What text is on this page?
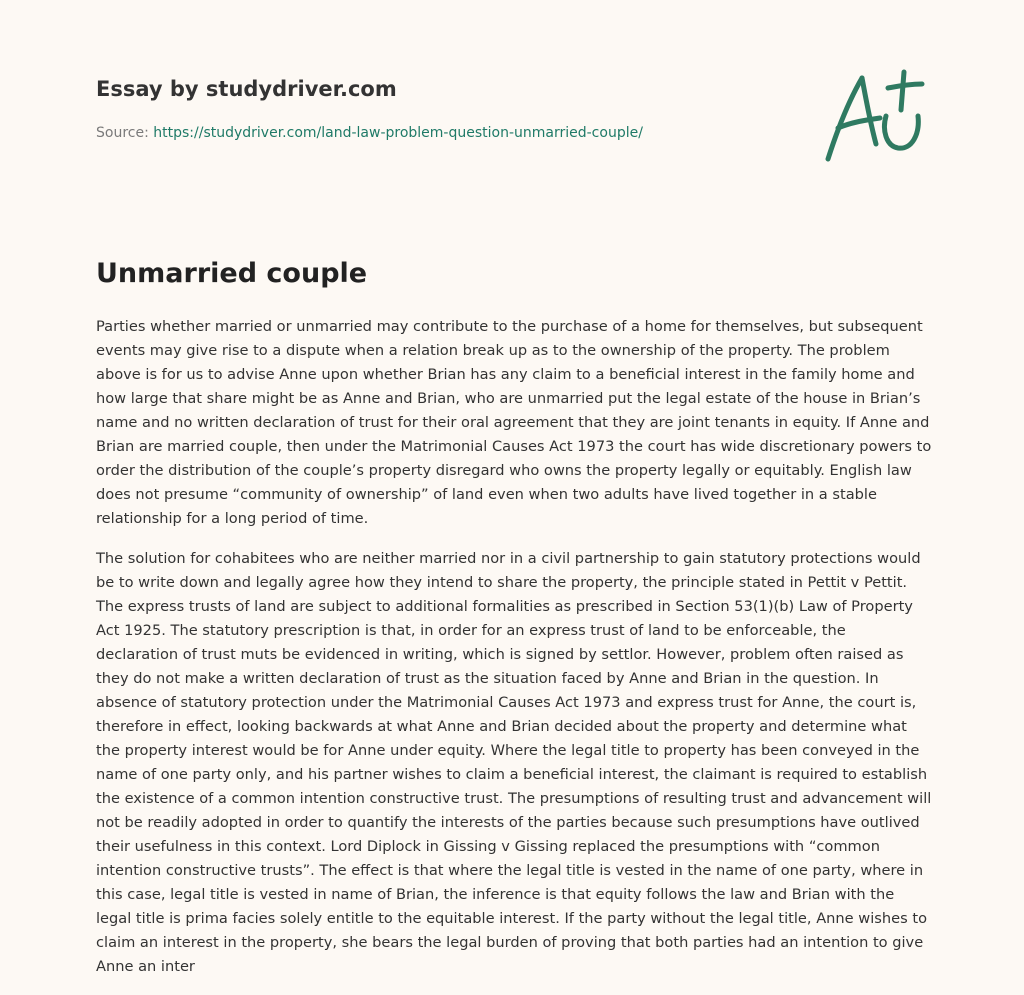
Essay by studydriver.com
Source: https://studydriver.com/land-law-problem-question-unmarried-couple/
Unmarried couple

Parties whether married or unmarried may contribute to the purchase of a home for themselves, but subsequent events may give rise to a dispute when a relation break up as to the ownership of the property. The problem above is for us to advise Anne upon whether Brian has any claim to a beneficial interest in the family home and how large that share might be as Anne and Brian, who are unmarried put the legal estate of the house in Brian’s name and no written declaration of trust for their oral agreement that they are joint tenants in equity. If Anne and Brian are married couple, then under the Matrimonial Causes Act 1973 the court has wide discretionary powers to order the distribution of the couple’s property disregard who owns the property legally or equitably. English law does not presume “community of ownership” of land even when two adults have lived together in a stable relationship for a long period of time.

The solution for cohabitees who are neither married nor in a civil partnership to gain statutory protections would be to write down and legally agree how they intend to share the property, the principle stated in Pettit v Pettit. The express trusts of land are subject to additional formalities as prescribed in Section 53(1)(b) Law of Property Act 1925. The statutory prescription is that, in order for an express trust of land to be enforceable, the declaration of trust muts be evidenced in writing, which is signed by settlor. However, problem often raised as they do not make a written declaration of trust as the situation faced by Anne and Brian in the question. In absence of statutory protection under the Matrimonial Causes Act 1973 and express trust for Anne, the court is, therefore in effect, looking backwards at what Anne and Brian decided about the property and determine what the property interest would be for Anne under equity. Where the legal title to property has been conveyed in the name of one party only, and his partner wishes to claim a beneficial interest, the claimant is required to establish the existence of a common intention constructive trust. The presumptions of resulting trust and advancement will not be readily adopted in order to quantify the interests of the parties because such presumptions have outlived their usefulness in this context. Lord Diplock in Gissing v Gissing replaced the presumptions with “common intention constructive trusts”. The effect is that where the legal title is vested in the name of one party, where in this case, legal title is vested in name of Brian, the inference is that equity follows the law and Brian with the legal title is prima facies solely entitle to the equitable interest. If the party without the legal title, Anne wishes to claim an interest in the property, she bears the legal burden of proving that both parties had an intention to give Anne an inter
